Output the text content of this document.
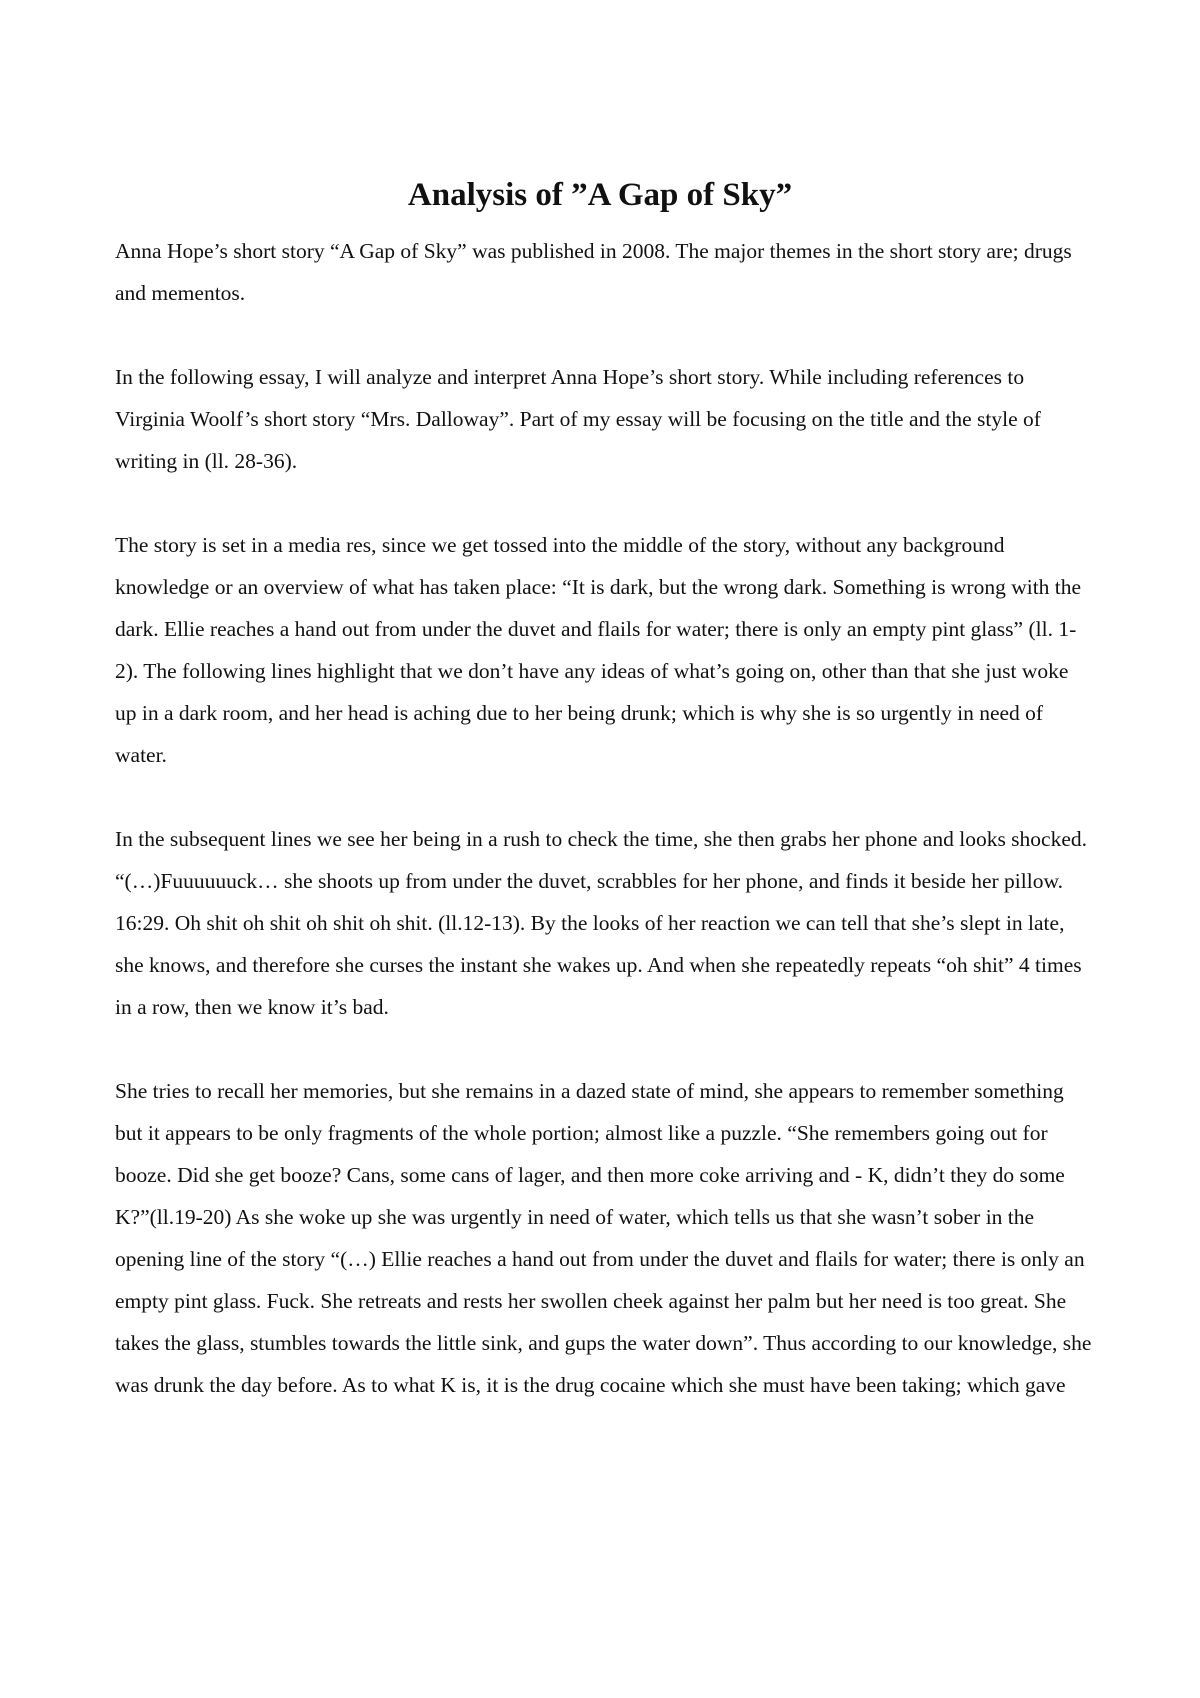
Analysis of ”A Gap of Sky”

Anna Hope’s short story “A Gap of Sky” was published in 2008. The major themes in the short story are; drugs and mementos.

In the following essay, I will analyze and interpret Anna Hope’s short story. While including references to Virginia Woolf’s short story “Mrs. Dalloway”. Part of my essay will be focusing on the title and the style of writing in (ll. 28-36).

The story is set in a media res, since we get tossed into the middle of the story, without any background knowledge or an overview of what has taken place: “It is dark, but the wrong dark. Something is wrong with the dark. Ellie reaches a hand out from under the duvet and flails for water; there is only an empty pint glass” (ll. 1-2). The following lines highlight that we don’t have any ideas of what’s going on, other than that she just woke up in a dark room, and her head is aching due to her being drunk; which is why she is so urgently in need of water.

In the subsequent lines we see her being in a rush to check the time, she then grabs her phone and looks shocked.

“(…)Fuuuuuuck… she shoots up from under the duvet, scrabbles for her phone, and finds it beside her pillow. 16:29. Oh shit oh shit oh shit oh shit. (ll.12-13). By the looks of her reaction we can tell that she’s slept in late, she knows, and therefore she curses the instant she wakes up. And when she repeatedly repeats “oh shit” 4 times in a row, then we know it’s bad.

She tries to recall her memories, but she remains in a dazed state of mind, she appears to remember something but it appears to be only fragments of the whole portion; almost like a puzzle. “She remembers going out for booze. Did she get booze? Cans, some cans of lager, and then more coke arriving and - K, didn’t they do some K?”(ll.19-20) As she woke up she was urgently in need of water, which tells us that she wasn’t sober in the opening line of the story “(…) Ellie reaches a hand out from under the duvet and flails for water; there is only an empty pint glass. Fuck. She retreats and rests her swollen cheek against her palm but her need is too great. She takes the glass, stumbles towards the little sink, and gups the water down”. Thus according to our knowledge, she was drunk the day before. As to what K is, it is the drug cocaine which she must have been taking; which gave
